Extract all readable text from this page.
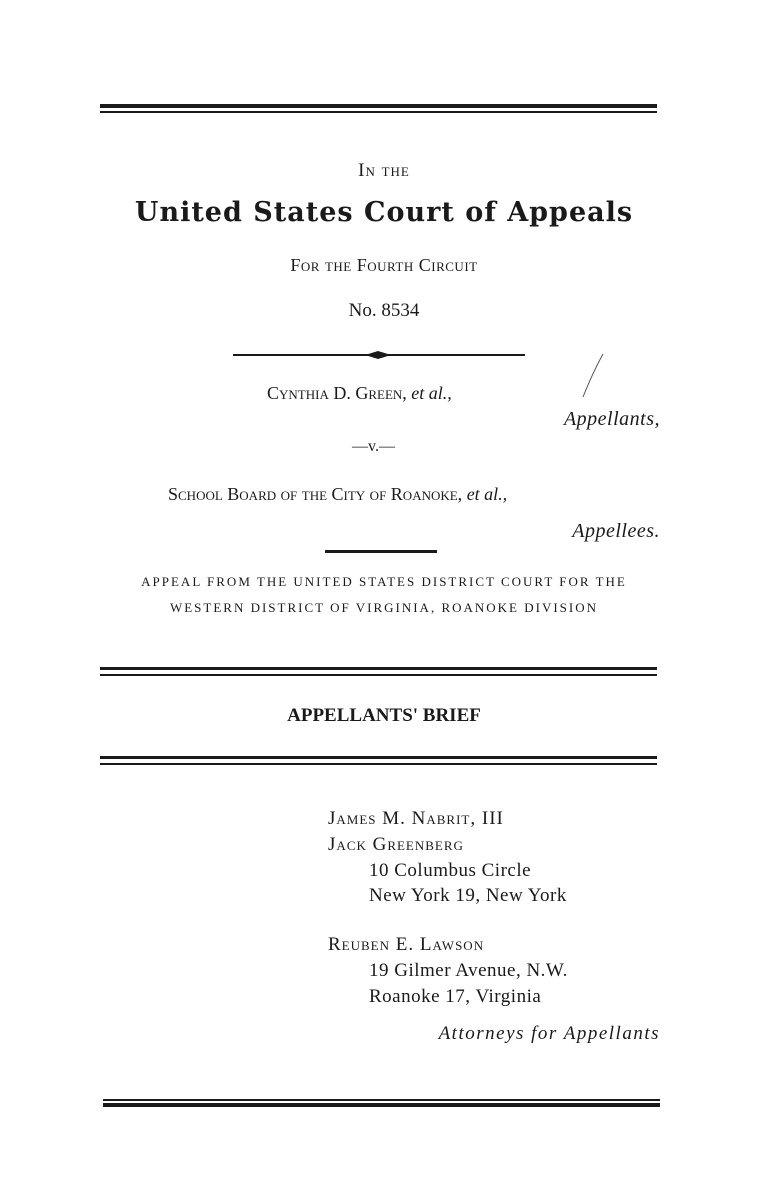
In the
United States Court of Appeals
For the Fourth Circuit
No. 8534
Cynthia D. Green, et al.,
Appellants,
—v.—
School Board of the City of Roanoke, et al.,
Appellees.
APPEAL FROM THE UNITED STATES DISTRICT COURT FOR THE
WESTERN DISTRICT OF VIRGINIA, ROANOKE DIVISION
APPELLANTS' BRIEF
James M. Nabrit, III
Jack Greenberg
10 Columbus Circle
New York 19, New York
Reuben E. Lawson
19 Gilmer Avenue, N.W.
Roanoke 17, Virginia
Attorneys for Appellants
